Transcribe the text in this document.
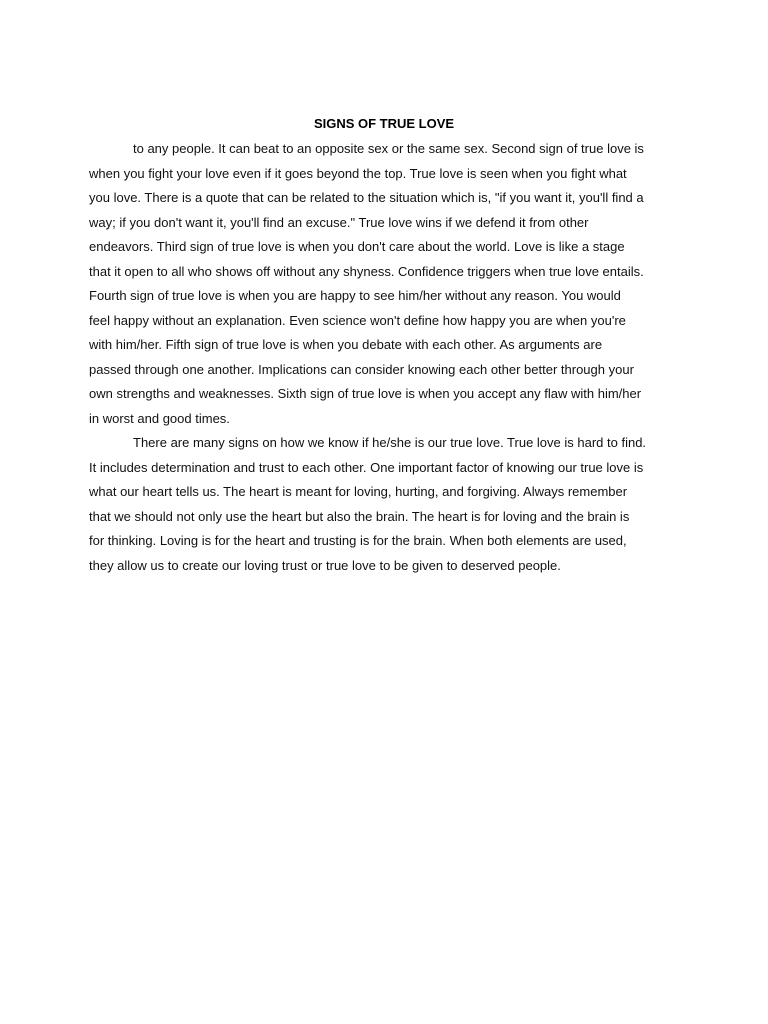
SIGNS OF TRUE LOVE

to any people. It can beat to an opposite sex or the same sex. Second sign of true love is
when you fight your love even if it goes beyond the top. True love is seen when you fight what
you love. There is a quote that can be related to the situation which is, "if you want it, you'll find a
way; if you don't want it, you'll find an excuse." True love wins if we defend it from other
endeavors. Third sign of true love is when you don't care about the world. Love is like a stage
that it open to all who shows off without any shyness. Confidence triggers when true love entails.
Fourth sign of true love is when you are happy to see him/her without any reason. You would
feel happy without an explanation. Even science won't define how happy you are when you're
with him/her. Fifth sign of true love is when you debate with each other. As arguments are
passed through one another. Implications can consider knowing each other better through your
own strengths and weaknesses. Sixth sign of true love is when you accept any flaw with him/her
in worst and good times.

There are many signs on how we know if he/she is our true love. True love is hard to find.
It includes determination and trust to each other. One important factor of knowing our true love is
what our heart tells us. The heart is meant for loving, hurting, and forgiving. Always remember
that we should not only use the heart but also the brain. The heart is for loving and the brain is
for thinking. Loving is for the heart and trusting is for the brain. When both elements are used,
they allow us to create our loving trust or true love to be given to deserved people.
